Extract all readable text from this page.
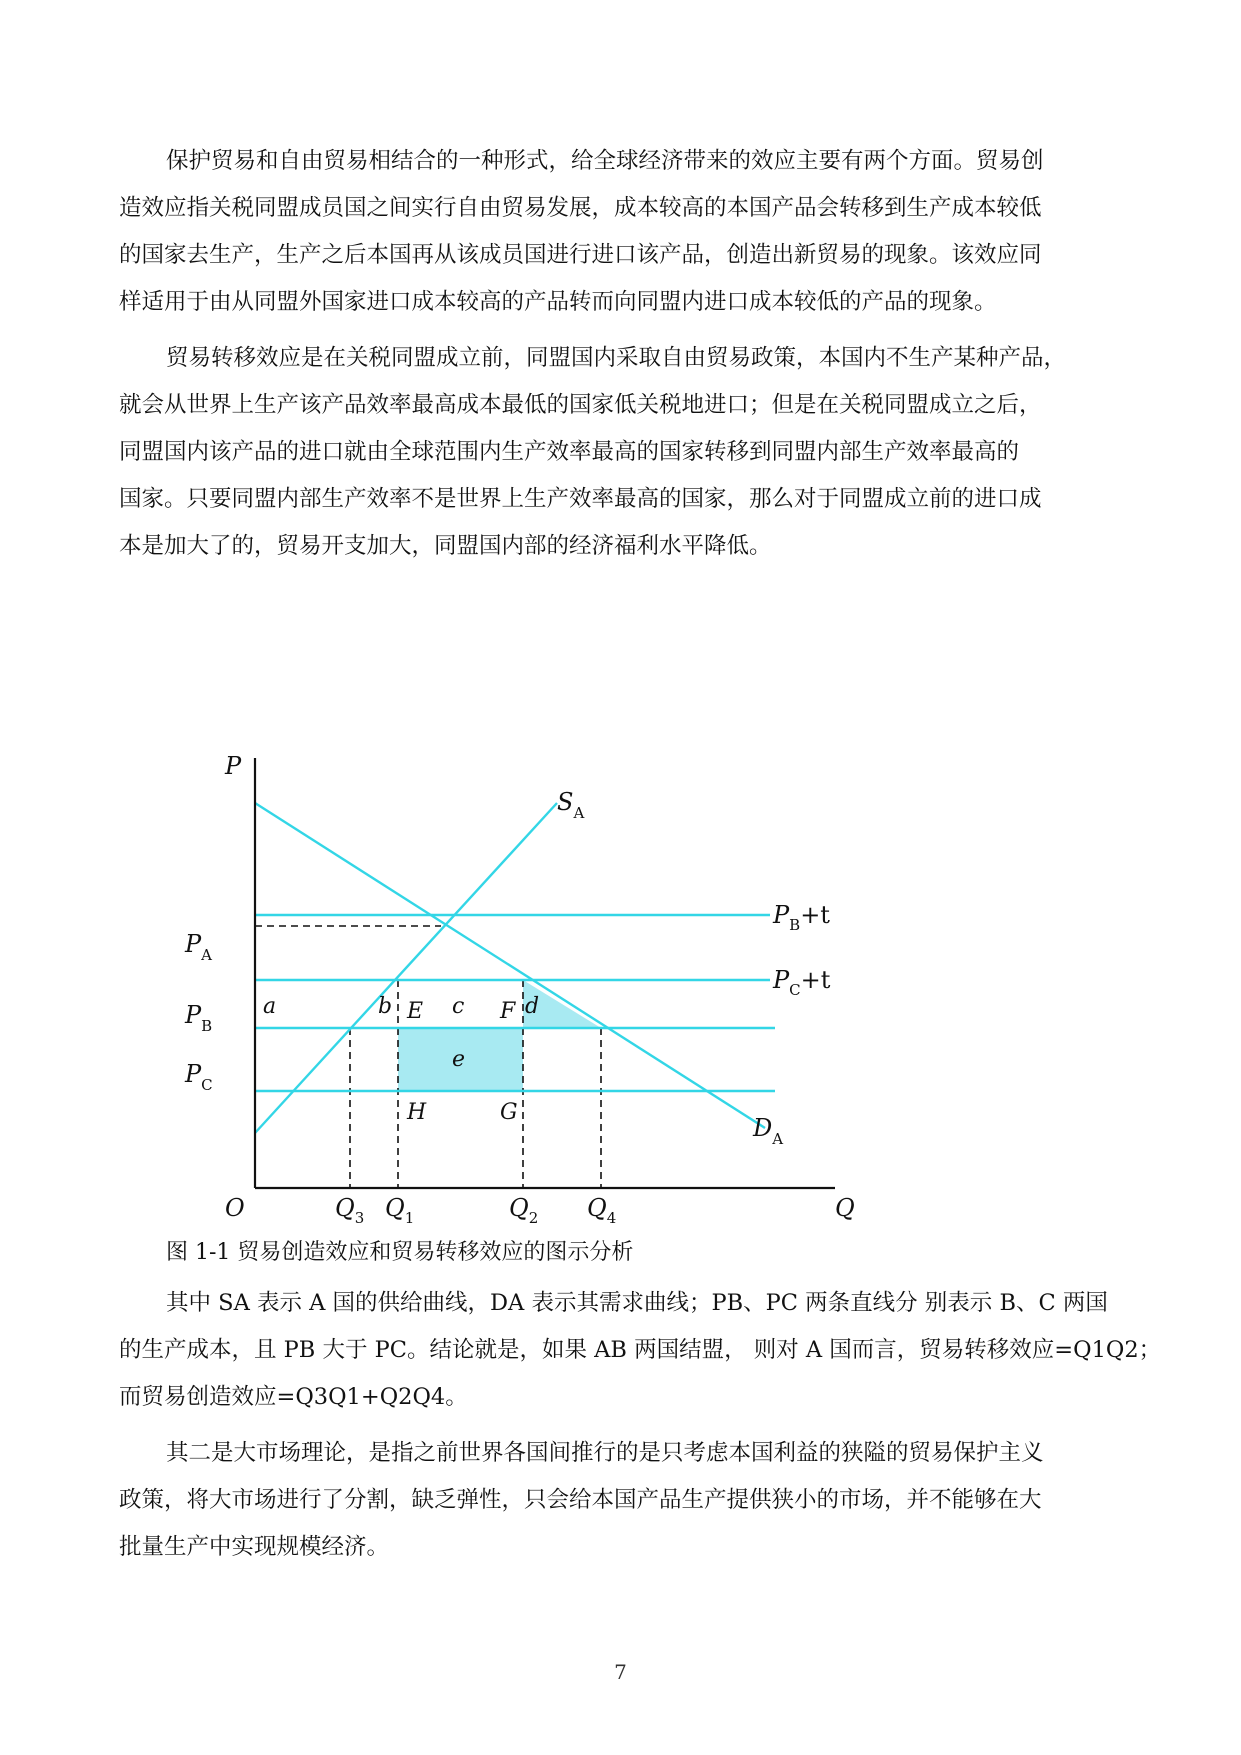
保护贸易和自由贸易相结合的一种形式，给全球经济带来的效应主要有两个方面。贸易创
造效应指关税同盟成员国之间实行自由贸易发展，成本较高的本国产品会转移到生产成本较低
的国家去生产，生产之后本国再从该成员国进行进口该产品，创造出新贸易的现象。该效应同
样适用于由从同盟外国家进口成本较高的产品转而向同盟内进口成本较低的产品的现象。
贸易转移效应是在关税同盟成立前，同盟国内采取自由贸易政策，本国内不生产某种产品，
就会从世界上生产该产品效率最高成本最低的国家低关税地进口；但是在关税同盟成立之后，
同盟国内该产品的进口就由全球范围内生产效率最高的国家转移到同盟内部生产效率最高的
国家。只要同盟内部生产效率不是世界上生产效率最高的国家，那么对于同盟成立前的进口成
本是加大了的，贸易开支加大，同盟国内部的经济福利水平降低。
P
O	Q
$S_A$
$D_A$
$P_B+t$
$P_C+t$
$P_A$
$P_B$
$P_C$
$Q_3$ $Q_1$	$Q_2$ $Q_4$
a	b E c F d
e
H	G
图 1-1 贸易创造效应和贸易转移效应的图示分析
其中 SA 表示 A 国的供给曲线，DA 表示其需求曲线；PB、PC 两条直线分 别表示 B、C 两国
的生产成本，且 PB 大于 PC。结论就是，如果 AB 两国结盟， 则对 A 国而言，贸易转移效应=Q1Q2；
而贸易创造效应=Q3Q1+Q2Q4。
其二是大市场理论，是指之前世界各国间推行的是只考虑本国利益的狭隘的贸易保护主义
政策，将大市场进行了分割，缺乏弹性，只会给本国产品生产提供狭小的市场，并不能够在大
批量生产中实现规模经济。
7
